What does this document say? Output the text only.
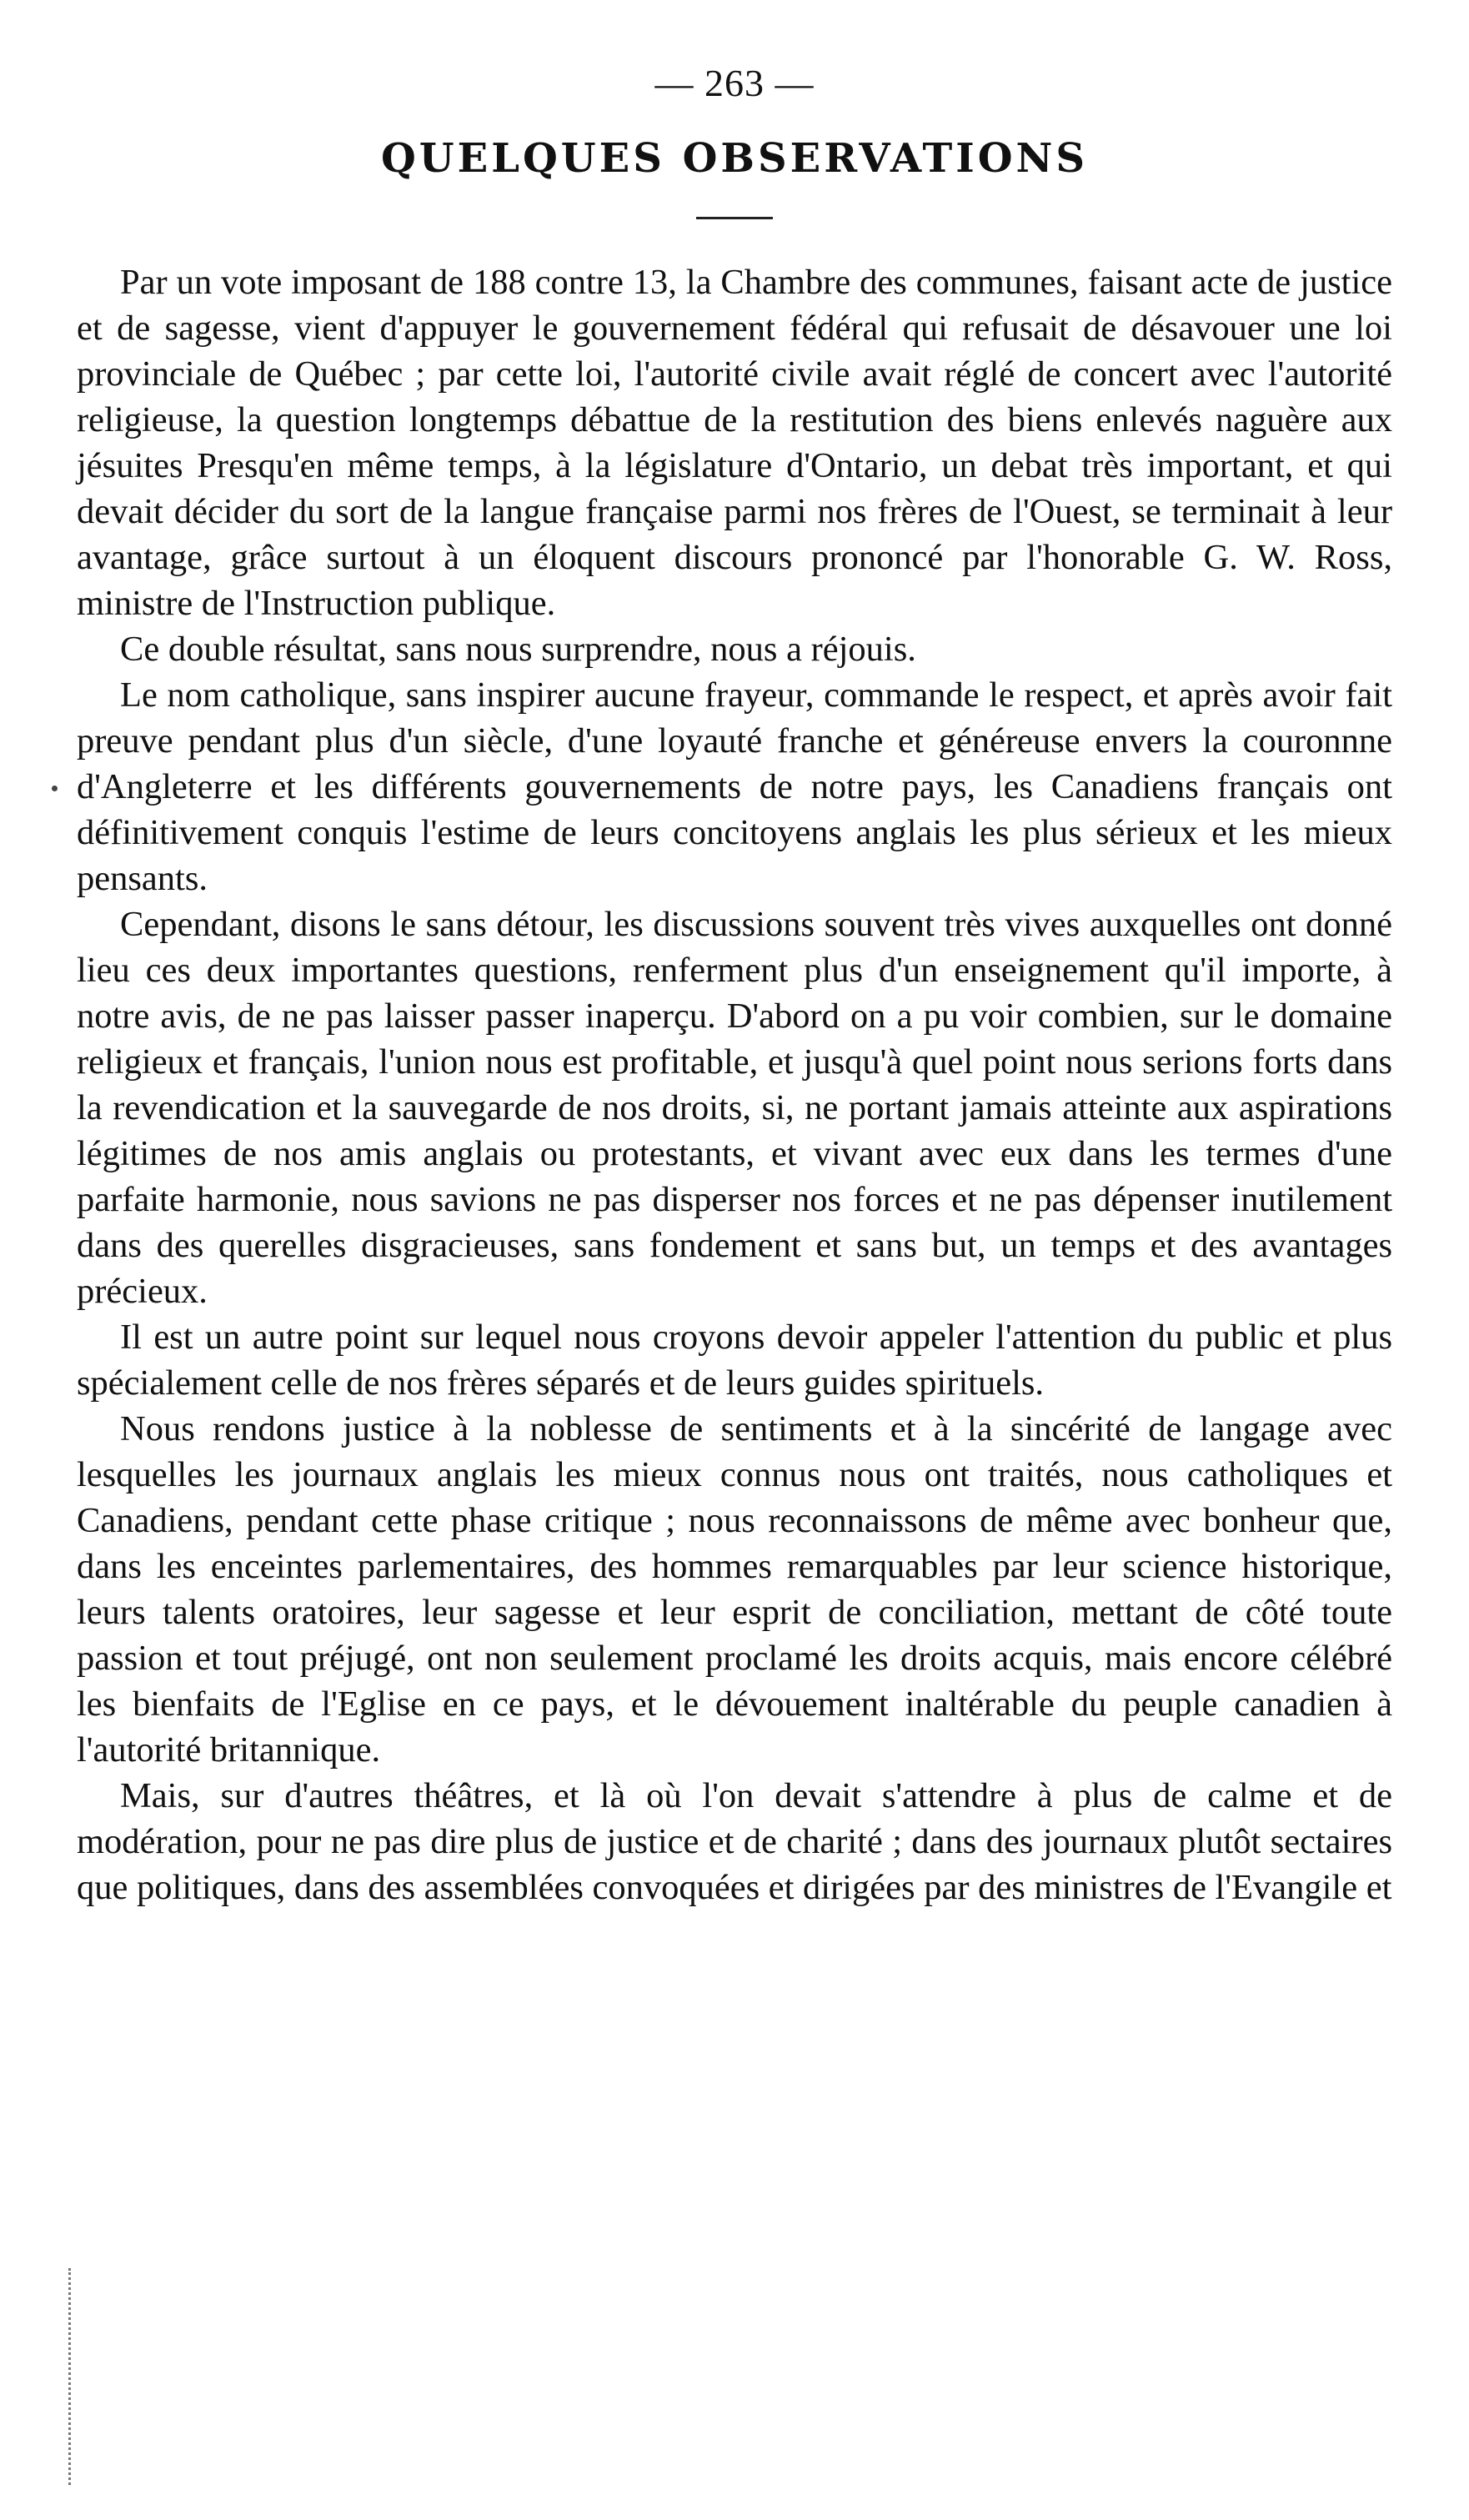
— 263 —
QUELQUES OBSERVATIONS

Par un vote imposant de 188 contre 13, la Chambre des communes, faisant acte de justice et de sagesse, vient d'appuyer le gouvernement fédéral qui refusait de désavouer une loi provinciale de Québec ; par cette loi, l'autorité civile avait réglé de concert avec l'autorité religieuse, la question longtemps débattue de la restitution des biens enlevés naguère aux jésuites Presqu'en même temps, à la législature d'Ontario, un debat très important, et qui devait décider du sort de la langue française parmi nos frères de l'Ouest, se terminait à leur avantage, grâce surtout à un éloquent discours prononcé par l'honorable G. W. Ross, ministre de l'Instruction publique.

Ce double résultat, sans nous surprendre, nous a réjouis.

Le nom catholique, sans inspirer aucune frayeur, commande le respect, et après avoir fait preuve pendant plus d'un siècle, d'une loyauté franche et généreuse envers la couronnne d'Angleterre et les différents gouvernements de notre pays, les Canadiens français ont définitivement conquis l'estime de leurs concitoyens anglais les plus sérieux et les mieux pensants.

Cependant, disons le sans détour, les discussions souvent très vives auxquelles ont donné lieu ces deux importantes questions, renferment plus d'un enseignement qu'il importe, à notre avis, de ne pas laisser passer inaperçu. D'abord on a pu voir combien, sur le domaine religieux et français, l'union nous est profitable, et jusqu'à quel point nous serions forts dans la revendication et la sauvegarde de nos droits, si, ne portant jamais atteinte aux aspirations légitimes de nos amis anglais ou protestants, et vivant avec eux dans les termes d'une parfaite harmonie, nous savions ne pas disperser nos forces et ne pas dépenser inutilement dans des querelles disgracieuses, sans fondement et sans but, un temps et des avantages précieux.

Il est un autre point sur lequel nous croyons devoir appeler l'attention du public et plus spécialement celle de nos frères séparés et de leurs guides spirituels.

Nous rendons justice à la noblesse de sentiments et à la sincérité de langage avec lesquelles les journaux anglais les mieux connus nous ont traités, nous catholiques et Canadiens, pendant cette phase critique ; nous reconnaissons de même avec bonheur que, dans les enceintes parlementaires, des hommes remarquables par leur science historique, leurs talents oratoires, leur sagesse et leur esprit de conciliation, mettant de côté toute passion et tout préjugé, ont non seulement proclamé les droits acquis, mais encore célébré les bienfaits de l'Eglise en ce pays, et le dévouement inaltérable du peuple canadien à l'autorité britannique.

Mais, sur d'autres théâtres, et là où l'on devait s'attendre à plus de calme et de modération, pour ne pas dire plus de justice et de charité ; dans des journaux plutôt sectaires que politiques, dans des assemblées convoquées et dirigées par des ministres de l'Evangile et
